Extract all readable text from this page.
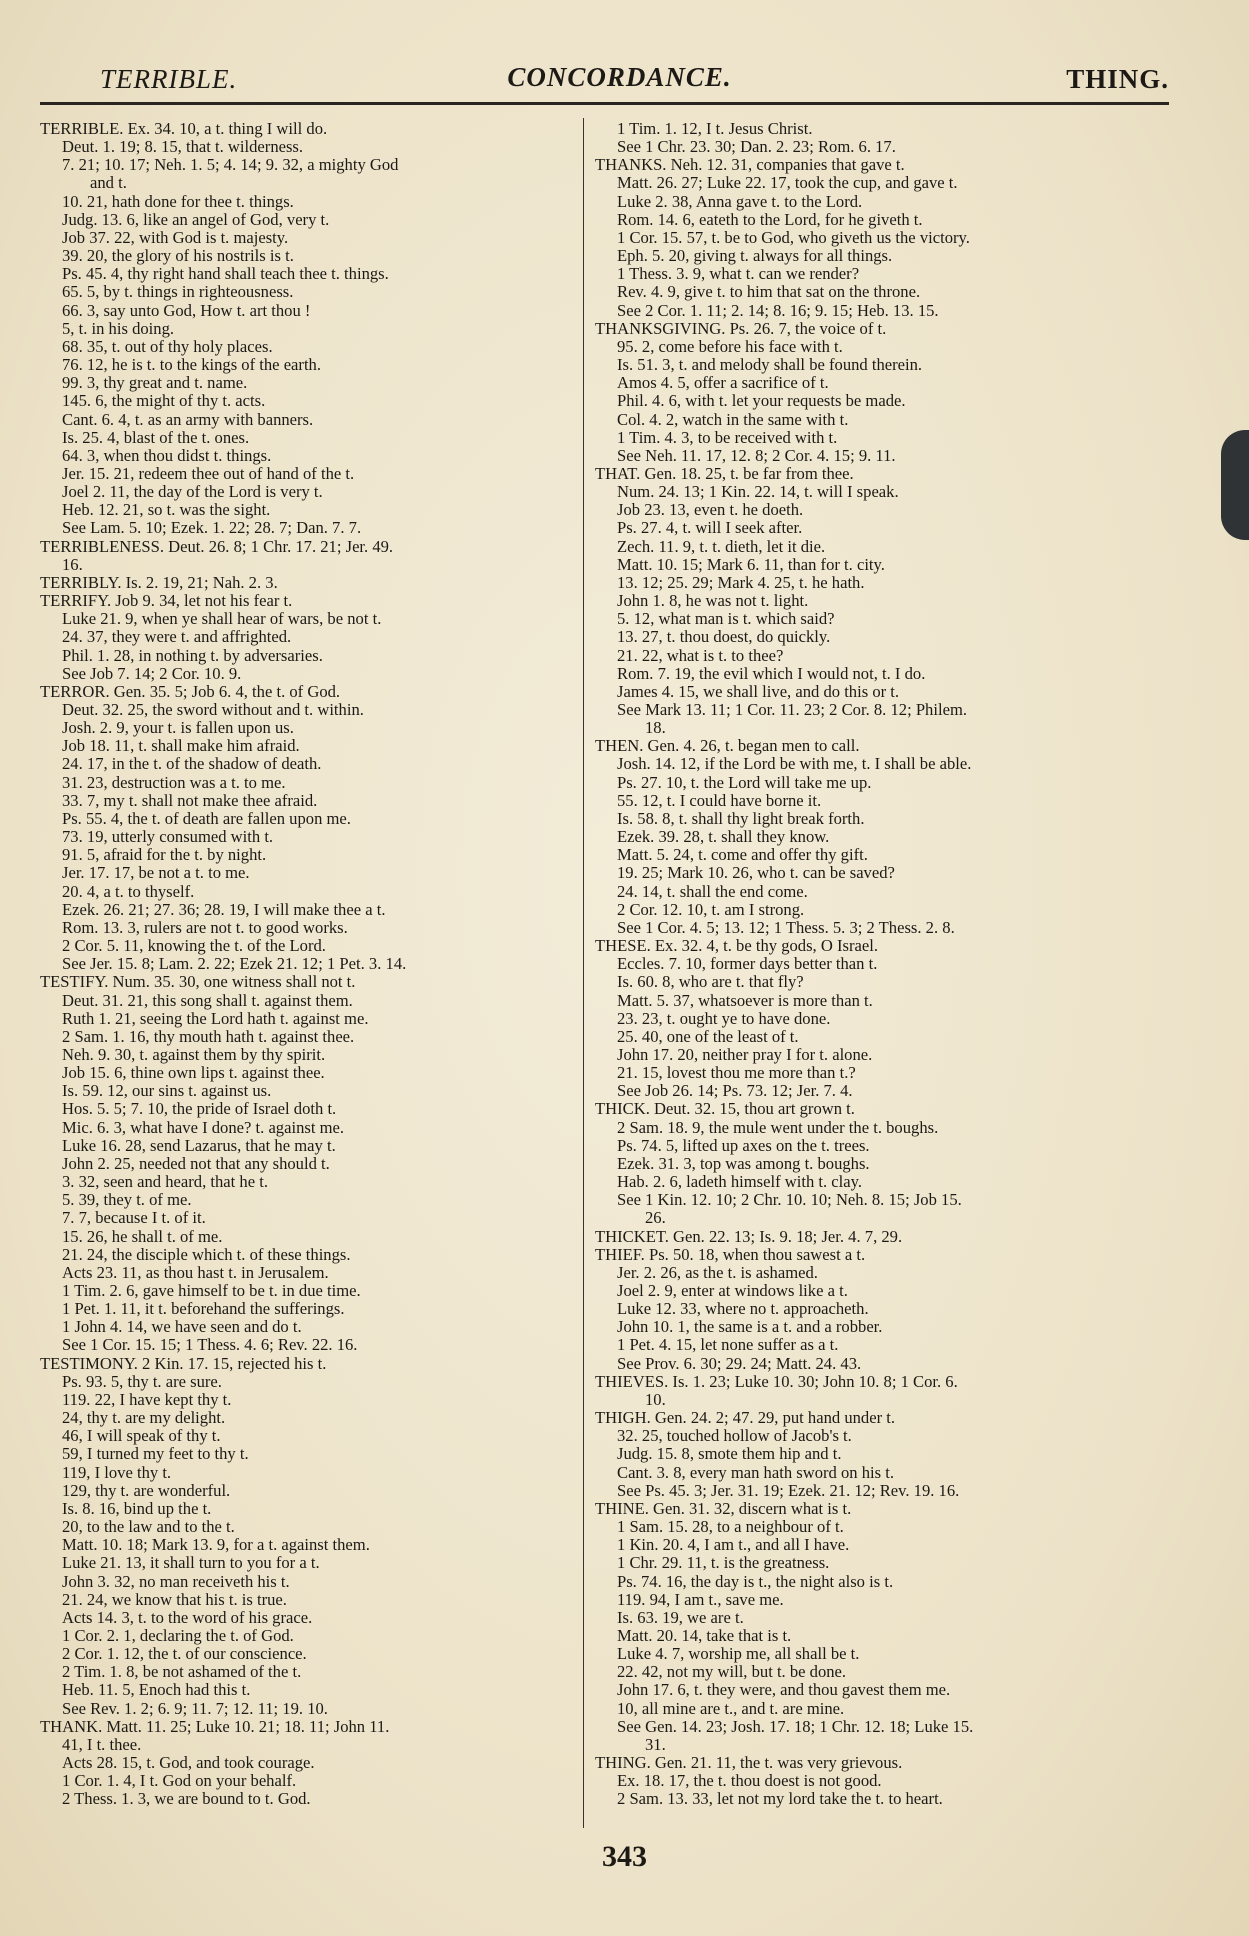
TERRIBLE.	CONCORDANCE.	THING.
TERRIBLE. Ex. 34. 10, a t. thing I will do.
Deut. 1. 19; 8. 15, that t. wilderness.
7. 21; 10. 17; Neh. 1. 5; 4. 14; 9. 32, a mighty God
and t.
10. 21, hath done for thee t. things.
Judg. 13. 6, like an angel of God, very t.
Job 37. 22, with God is t. majesty.
39. 20, the glory of his nostrils is t.
Ps. 45. 4, thy right hand shall teach thee t. things.
65. 5, by t. things in righteousness.
66. 3, say unto God, How t. art thou !
5, t. in his doing.
68. 35, t. out of thy holy places.
76. 12, he is t. to the kings of the earth.
99. 3, thy great and t. name.
145. 6, the might of thy t. acts.
Cant. 6. 4, t. as an army with banners.
Is. 25. 4, blast of the t. ones.
64. 3, when thou didst t. things.
Jer. 15. 21, redeem thee out of hand of the t.
Joel 2. 11, the day of the Lord is very t.
Heb. 12. 21, so t. was the sight.
See Lam. 5. 10; Ezek. 1. 22; 28. 7; Dan. 7. 7.
TERRIBLENESS. Deut. 26. 8; 1 Chr. 17. 21; Jer. 49.
16.
TERRIBLY. Is. 2. 19, 21; Nah. 2. 3.
TERRIFY. Job 9. 34, let not his fear t.
Luke 21. 9, when ye shall hear of wars, be not t.
24. 37, they were t. and affrighted.
Phil. 1. 28, in nothing t. by adversaries.
See Job 7. 14; 2 Cor. 10. 9.
TERROR. Gen. 35. 5; Job 6. 4, the t. of God.
Deut. 32. 25, the sword without and t. within.
Josh. 2. 9, your t. is fallen upon us.
Job 18. 11, t. shall make him afraid.
24. 17, in the t. of the shadow of death.
31. 23, destruction was a t. to me.
33. 7, my t. shall not make thee afraid.
Ps. 55. 4, the t. of death are fallen upon me.
73. 19, utterly consumed with t.
91. 5, afraid for the t. by night.
Jer. 17. 17, be not a t. to me.
20. 4, a t. to thyself.
Ezek. 26. 21; 27. 36; 28. 19, I will make thee a t.
Rom. 13. 3, rulers are not t. to good works.
2 Cor. 5. 11, knowing the t. of the Lord.
See Jer. 15. 8; Lam. 2. 22; Ezek 21. 12; 1 Pet. 3. 14.
TESTIFY. Num. 35. 30, one witness shall not t.
Deut. 31. 21, this song shall t. against them.
Ruth 1. 21, seeing the Lord hath t. against me.
2 Sam. 1. 16, thy mouth hath t. against thee.
Neh. 9. 30, t. against them by thy spirit.
Job 15. 6, thine own lips t. against thee.
Is. 59. 12, our sins t. against us.
Hos. 5. 5; 7. 10, the pride of Israel doth t.
Mic. 6. 3, what have I done? t. against me.
Luke 16. 28, send Lazarus, that he may t.
John 2. 25, needed not that any should t.
3. 32, seen and heard, that he t.
5. 39, they t. of me.
7. 7, because I t. of it.
15. 26, he shall t. of me.
21. 24, the disciple which t. of these things.
Acts 23. 11, as thou hast t. in Jerusalem.
1 Tim. 2. 6, gave himself to be t. in due time.
1 Pet. 1. 11, it t. beforehand the sufferings.
1 John 4. 14, we have seen and do t.
See 1 Cor. 15. 15; 1 Thess. 4. 6; Rev. 22. 16.
TESTIMONY. 2 Kin. 17. 15, rejected his t.
Ps. 93. 5, thy t. are sure.
119. 22, I have kept thy t.
24, thy t. are my delight.
46, I will speak of thy t.
59, I turned my feet to thy t.
119, I love thy t.
129, thy t. are wonderful.
Is. 8. 16, bind up the t.
20, to the law and to the t.
Matt. 10. 18; Mark 13. 9, for a t. against them.
Luke 21. 13, it shall turn to you for a t.
John 3. 32, no man receiveth his t.
21. 24, we know that his t. is true.
Acts 14. 3, t. to the word of his grace.
1 Cor. 2. 1, declaring the t. of God.
2 Cor. 1. 12, the t. of our conscience.
2 Tim. 1. 8, be not ashamed of the t.
Heb. 11. 5, Enoch had this t.
See Rev. 1. 2; 6. 9; 11. 7; 12. 11; 19. 10.
THANK. Matt. 11. 25; Luke 10. 21; 18. 11; John 11.
41, I t. thee.
Acts 28. 15, t. God, and took courage.
1 Cor. 1. 4, I t. God on your behalf.
2 Thess. 1. 3, we are bound to t. God.
1 Tim. 1. 12, I t. Jesus Christ.
See 1 Chr. 23. 30; Dan. 2. 23; Rom. 6. 17.
THANKS. Neh. 12. 31, companies that gave t.
Matt. 26. 27; Luke 22. 17, took the cup, and gave t.
Luke 2. 38, Anna gave t. to the Lord.
Rom. 14. 6, eateth to the Lord, for he giveth t.
1 Cor. 15. 57, t. be to God, who giveth us the victory.
Eph. 5. 20, giving t. always for all things.
1 Thess. 3. 9, what t. can we render?
Rev. 4. 9, give t. to him that sat on the throne.
See 2 Cor. 1. 11; 2. 14; 8. 16; 9. 15; Heb. 13. 15.
THANKSGIVING. Ps. 26. 7, the voice of t.
95. 2, come before his face with t.
Is. 51. 3, t. and melody shall be found therein.
Amos 4. 5, offer a sacrifice of t.
Phil. 4. 6, with t. let your requests be made.
Col. 4. 2, watch in the same with t.
1 Tim. 4. 3, to be received with t.
See Neh. 11. 17, 12. 8; 2 Cor. 4. 15; 9. 11.
THAT. Gen. 18. 25, t. be far from thee.
Num. 24. 13; 1 Kin. 22. 14, t. will I speak.
Job 23. 13, even t. he doeth.
Ps. 27. 4, t. will I seek after.
Zech. 11. 9, t. t. dieth, let it die.
Matt. 10. 15; Mark 6. 11, than for t. city.
13. 12; 25. 29; Mark 4. 25, t. he hath.
John 1. 8, he was not t. light.
5. 12, what man is t. which said?
13. 27, t. thou doest, do quickly.
21. 22, what is t. to thee?
Rom. 7. 19, the evil which I would not, t. I do.
James 4. 15, we shall live, and do this or t.
See Mark 13. 11; 1 Cor. 11. 23; 2 Cor. 8. 12; Philem.
18.
THEN. Gen. 4. 26, t. began men to call.
Josh. 14. 12, if the Lord be with me, t. I shall be able.
Ps. 27. 10, t. the Lord will take me up.
55. 12, t. I could have borne it.
Is. 58. 8, t. shall thy light break forth.
Ezek. 39. 28, t. shall they know.
Matt. 5. 24, t. come and offer thy gift.
19. 25; Mark 10. 26, who t. can be saved?
24. 14, t. shall the end come.
2 Cor. 12. 10, t. am I strong.
See 1 Cor. 4. 5; 13. 12; 1 Thess. 5. 3; 2 Thess. 2. 8.
THESE. Ex. 32. 4, t. be thy gods, O Israel.
Eccles. 7. 10, former days better than t.
Is. 60. 8, who are t. that fly?
Matt. 5. 37, whatsoever is more than t.
23. 23, t. ought ye to have done.
25. 40, one of the least of t.
John 17. 20, neither pray I for t. alone.
21. 15, lovest thou me more than t.?
See Job 26. 14; Ps. 73. 12; Jer. 7. 4.
THICK. Deut. 32. 15, thou art grown t.
2 Sam. 18. 9, the mule went under the t. boughs.
Ps. 74. 5, lifted up axes on the t. trees.
Ezek. 31. 3, top was among t. boughs.
Hab. 2. 6, ladeth himself with t. clay.
See 1 Kin. 12. 10; 2 Chr. 10. 10; Neh. 8. 15; Job 15.
26.
THICKET. Gen. 22. 13; Is. 9. 18; Jer. 4. 7, 29.
THIEF. Ps. 50. 18, when thou sawest a t.
Jer. 2. 26, as the t. is ashamed.
Joel 2. 9, enter at windows like a t.
Luke 12. 33, where no t. approacheth.
John 10. 1, the same is a t. and a robber.
1 Pet. 4. 15, let none suffer as a t.
See Prov. 6. 30; 29. 24; Matt. 24. 43.
THIEVES. Is. 1. 23; Luke 10. 30; John 10. 8; 1 Cor. 6.
10.
THIGH. Gen. 24. 2; 47. 29, put hand under t.
32. 25, touched hollow of Jacob's t.
Judg. 15. 8, smote them hip and t.
Cant. 3. 8, every man hath sword on his t.
See Ps. 45. 3; Jer. 31. 19; Ezek. 21. 12; Rev. 19. 16.
THINE. Gen. 31. 32, discern what is t.
1 Sam. 15. 28, to a neighbour of t.
1 Kin. 20. 4, I am t., and all I have.
1 Chr. 29. 11, t. is the greatness.
Ps. 74. 16, the day is t., the night also is t.
119. 94, I am t., save me.
Is. 63. 19, we are t.
Matt. 20. 14, take that is t.
Luke 4. 7, worship me, all shall be t.
22. 42, not my will, but t. be done.
John 17. 6, t. they were, and thou gavest them me.
10, all mine are t., and t. are mine.
See Gen. 14. 23; Josh. 17. 18; 1 Chr. 12. 18; Luke 15.
31.
THING. Gen. 21. 11, the t. was very grievous.
Ex. 18. 17, the t. thou doest is not good.
2 Sam. 13. 33, let not my lord take the t. to heart.
343
